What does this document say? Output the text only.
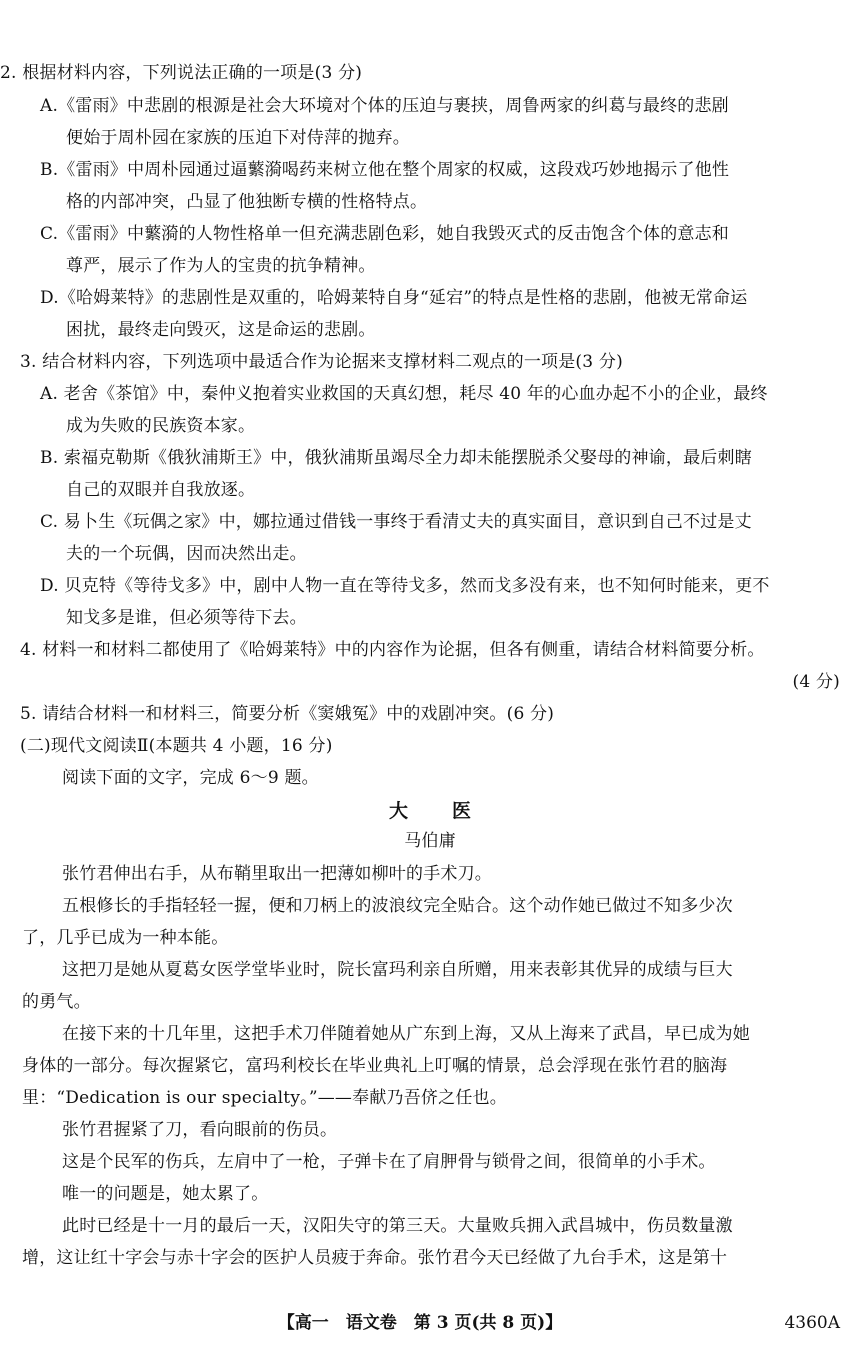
2. 根据材料内容，下列说法正确的一项是(3 分)
A.《雷雨》中悲剧的根源是社会大环境对个体的压迫与裹挟，周鲁两家的纠葛与最终的悲剧
便始于周朴园在家族的压迫下对侍萍的抛弃。
B.《雷雨》中周朴园通过逼蘩漪喝药来树立他在整个周家的权威，这段戏巧妙地揭示了他性
格的内部冲突，凸显了他独断专横的性格特点。
C.《雷雨》中蘩漪的人物性格单一但充满悲剧色彩，她自我毁灭式的反击饱含个体的意志和
尊严，展示了作为人的宝贵的抗争精神。
D.《哈姆莱特》的悲剧性是双重的，哈姆莱特自身“延宕”的特点是性格的悲剧，他被无常命运
困扰，最终走向毁灭，这是命运的悲剧。
3. 结合材料内容，下列选项中最适合作为论据来支撑材料二观点的一项是(3 分)
A. 老舍《茶馆》中，秦仲义抱着实业救国的天真幻想，耗尽 40 年的心血办起不小的企业，最终
成为失败的民族资本家。
B. 索福克勒斯《俄狄浦斯王》中，俄狄浦斯虽竭尽全力却未能摆脱杀父娶母的神谕，最后刺瞎
自己的双眼并自我放逐。
C. 易卜生《玩偶之家》中，娜拉通过借钱一事终于看清丈夫的真实面目，意识到自己不过是丈
夫的一个玩偶，因而决然出走。
D. 贝克特《等待戈多》中，剧中人物一直在等待戈多，然而戈多没有来，也不知何时能来，更不
知戈多是谁，但必须等待下去。
4. 材料一和材料二都使用了《哈姆莱特》中的内容作为论据，但各有侧重，请结合材料简要分析。
(4 分)
5. 请结合材料一和材料三，简要分析《窦娥冤》中的戏剧冲突。(6 分)
(二)现代文阅读Ⅱ(本题共 4 小题，16 分)
阅读下面的文字，完成 6～9 题。
大 医
马伯庸
张竹君伸出右手，从布鞘里取出一把薄如柳叶的手术刀。
五根修长的手指轻轻一握，便和刀柄上的波浪纹完全贴合。这个动作她已做过不知多少次
了，几乎已成为一种本能。
这把刀是她从夏葛女医学堂毕业时，院长富玛利亲自所赠，用来表彰其优异的成绩与巨大
的勇气。
在接下来的十几年里，这把手术刀伴随着她从广东到上海，又从上海来了武昌，早已成为她
身体的一部分。每次握紧它，富玛利校长在毕业典礼上叮嘱的情景，总会浮现在张竹君的脑海
里：“Dedication is our specialty。”——奉献乃吾侪之任也。
张竹君握紧了刀，看向眼前的伤员。
这是个民军的伤兵，左肩中了一枪，子弹卡在了肩胛骨与锁骨之间，很简单的小手术。
唯一的问题是，她太累了。
此时已经是十一月的最后一天，汉阳失守的第三天。大量败兵拥入武昌城中，伤员数量激
增，这让红十字会与赤十字会的医护人员疲于奔命。张竹君今天已经做了九台手术，这是第十
【高一　语文卷　第 3 页(共 8 页)】	4360A
